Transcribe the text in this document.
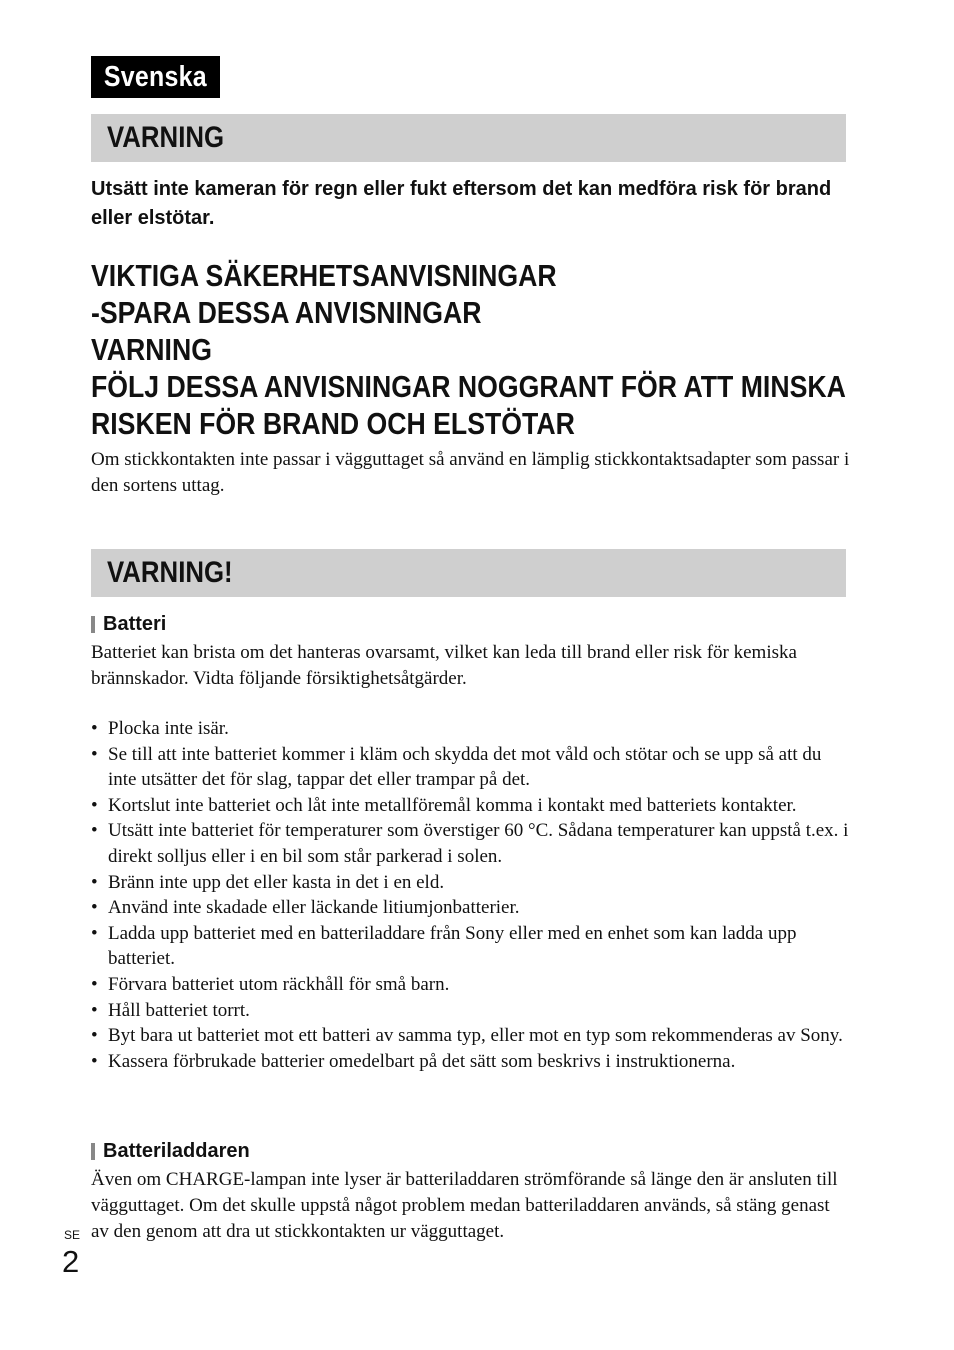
Svenska
VARNING
Utsätt inte kameran för regn eller fukt eftersom det kan medföra risk för brand eller elstötar.
VIKTIGA SÄKERHETSANVISNINGAR
-SPARA DESSA ANVISNINGAR
VARNING
FÖLJ DESSA ANVISNINGAR NOGGRANT FÖR ATT MINSKA
RISKEN FÖR BRAND OCH ELSTÖTAR
Om stickkontakten inte passar i vägguttaget så använd en lämplig stickkontaktsadapter som passar i den sortens uttag.
VARNING!
Batteri
Batteriet kan brista om det hanteras ovarsamt, vilket kan leda till brand eller risk för kemiska brännskador. Vidta följande försiktighetsåtgärder.
• Plocka inte isär.
• Se till att inte batteriet kommer i kläm och skydda det mot våld och stötar och se upp så att du inte utsätter det för slag, tappar det eller trampar på det.
• Kortslut inte batteriet och låt inte metallföremål komma i kontakt med batteriets kontakter.
• Utsätt inte batteriet för temperaturer som överstiger 60 °C. Sådana temperaturer kan uppstå t.ex. i direkt solljus eller i en bil som står parkerad i solen.
• Bränn inte upp det eller kasta in det i en eld.
• Använd inte skadade eller läckande litiumjonbatterier.
• Ladda upp batteriet med en batteriladdare från Sony eller med en enhet som kan ladda upp batteriet.
• Förvara batteriet utom räckhåll för små barn.
• Håll batteriet torrt.
• Byt bara ut batteriet mot ett batteri av samma typ, eller mot en typ som rekommenderas av Sony.
• Kassera förbrukade batterier omedelbart på det sätt som beskrivs i instruktionerna.
Batteriladdaren
Även om CHARGE-lampan inte lyser är batteriladdaren strömförande så länge den är ansluten till vägguttaget. Om det skulle uppstå något problem medan batteriladdaren används, så stäng genast av den genom att dra ut stickkontakten ur vägguttaget.
SE
2
